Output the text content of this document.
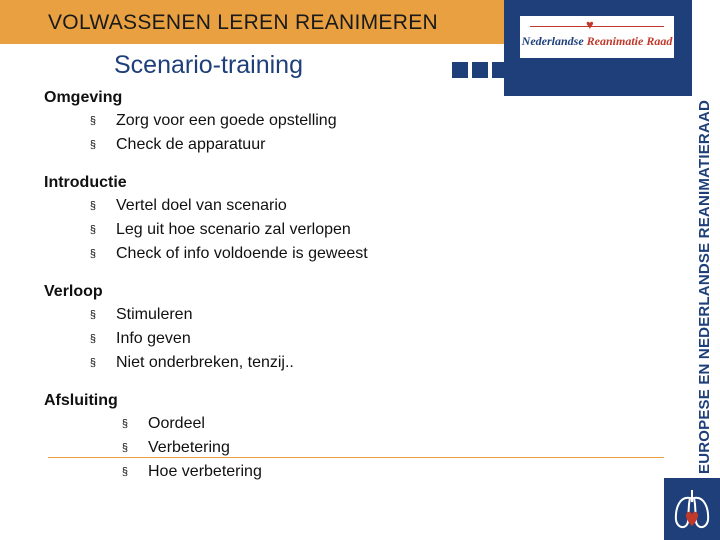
VOLWASSENEN LEREN REANIMEREN	♥
Nederlandse Reanimatie Raad
EUROPESE EN NEDERLANDSE REANIMATIERAAD
Scenario-training
Omgeving
§	Zorg voor een goede opstelling
§	Check de apparatuur
Introductie
§	Vertel doel van scenario
§	Leg uit hoe scenario zal verlopen
§	Check of info voldoende is geweest
Verloop
§	Stimuleren
§	Info geven
§	Niet onderbreken, tenzij..
Afsluiting
§	Oordeel
§	Verbetering
§	Hoe verbetering
